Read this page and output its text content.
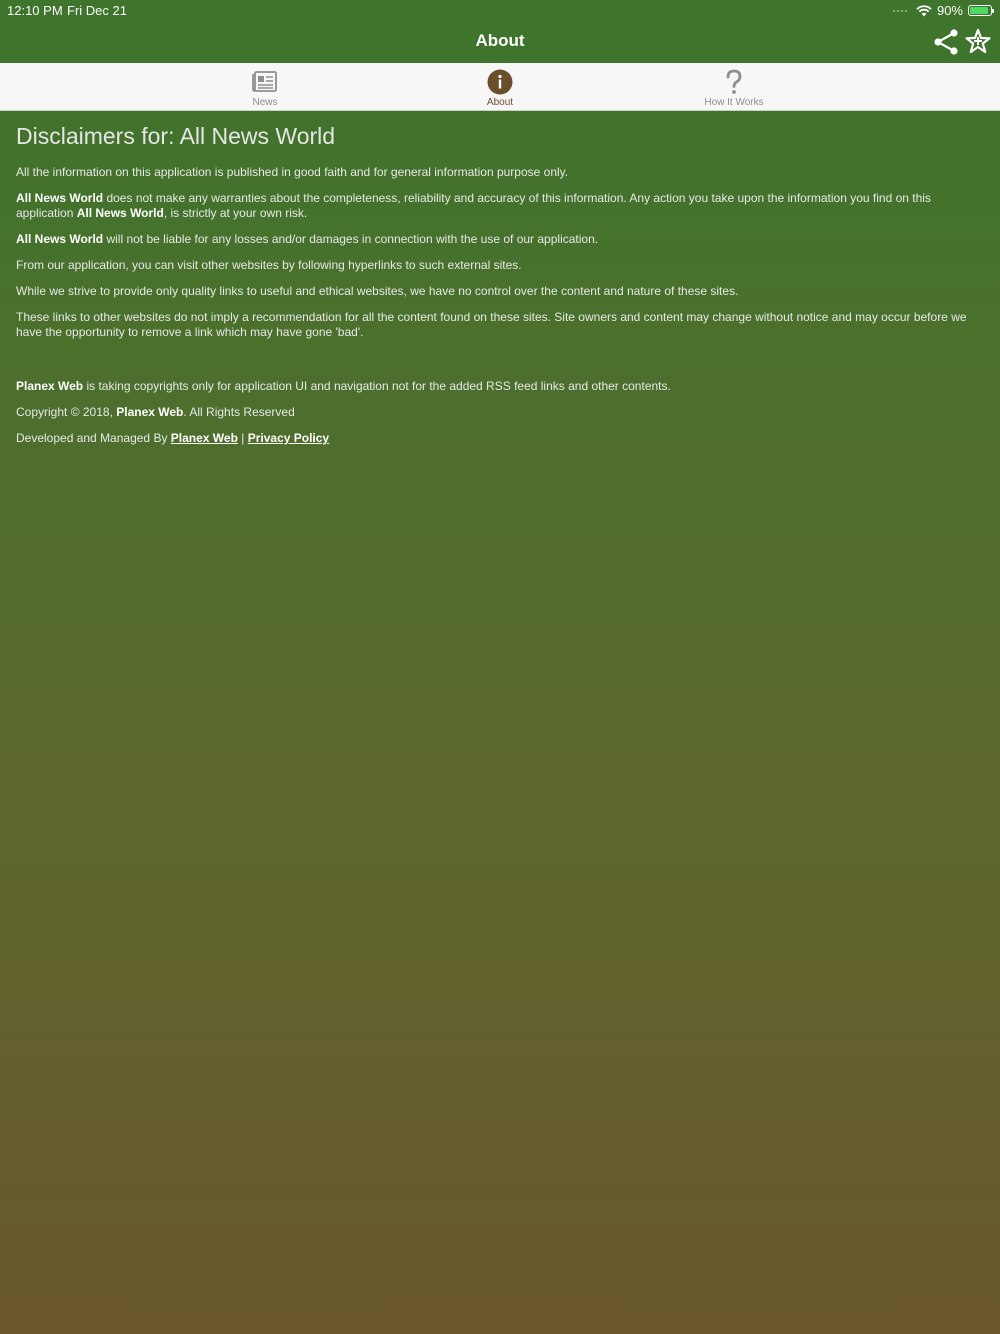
12:10 PM Fri Dec 21	90%
About
News	About	How It Works
Disclaimers for: All News World

All the information on this application is published in good faith and for general information purpose only.

All News World does not make any warranties about the completeness, reliability and accuracy of this information. Any action you take upon the information you find on this application All News World, is strictly at your own risk.

All News World will not be liable for any losses and/or damages in connection with the use of our application.

From our application, you can visit other websites by following hyperlinks to such external sites.

While we strive to provide only quality links to useful and ethical websites, we have no control over the content and nature of these sites.

These links to other websites do not imply a recommendation for all the content found on these sites. Site owners and content may change without notice and may occur before we have the opportunity to remove a link which may have gone 'bad'.

Planex Web is taking copyrights only for application UI and navigation not for the added RSS feed links and other contents.

Copyright © 2018, Planex Web. All Rights Reserved

Developed and Managed By Planex Web | Privacy Policy
